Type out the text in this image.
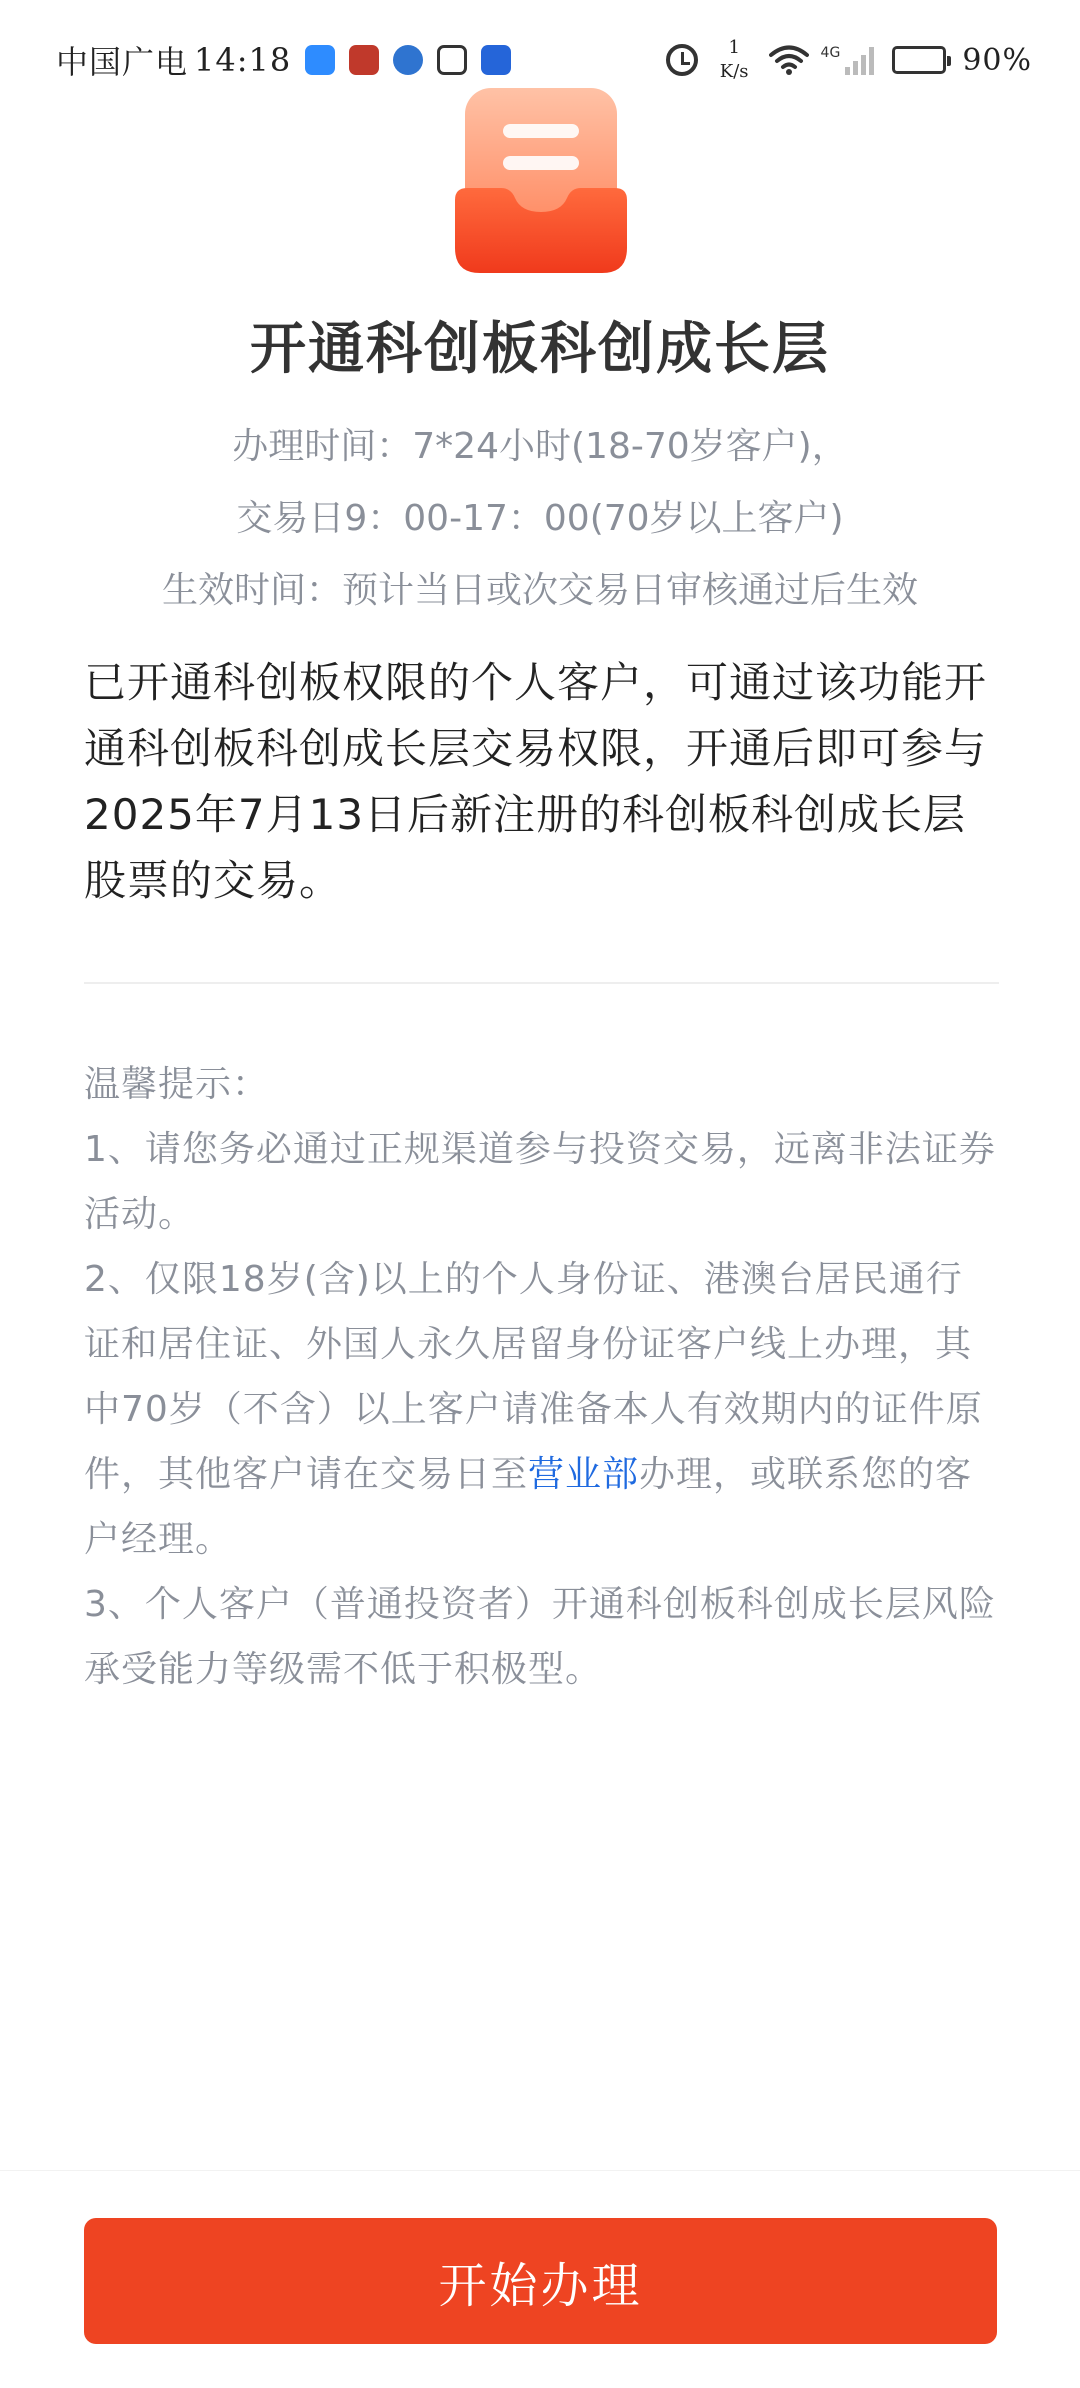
中国广电 14:18	1
K/s
4G	90%
开通科创板科创成长层
办理时间：7*24小时(18-70岁客户)，
交易日9：00-17：00(70岁以上客户)
生效时间：预计当日或次交易日审核通过后生效
已开通科创板权限的个人客户，可通过该功能开通科创板科创成长层交易权限，开通后即可参与2025年7月13日后新注册的科创板科创成长层股票的交易。
温馨提示：
1、请您务必通过正规渠道参与投资交易，远离非法证券活动。
2、仅限18岁(含)以上的个人身份证、港澳台居民通行证和居住证、外国人永久居留身份证客户线上办理，其中70岁（不含）以上客户请准备本人有效期内的证件原件，其他客户请在交易日至营业部办理，或联系您的客户经理。
3、个人客户（普通投资者）开通科创板科创成长层风险承受能力等级需不低于积极型。
开始办理
